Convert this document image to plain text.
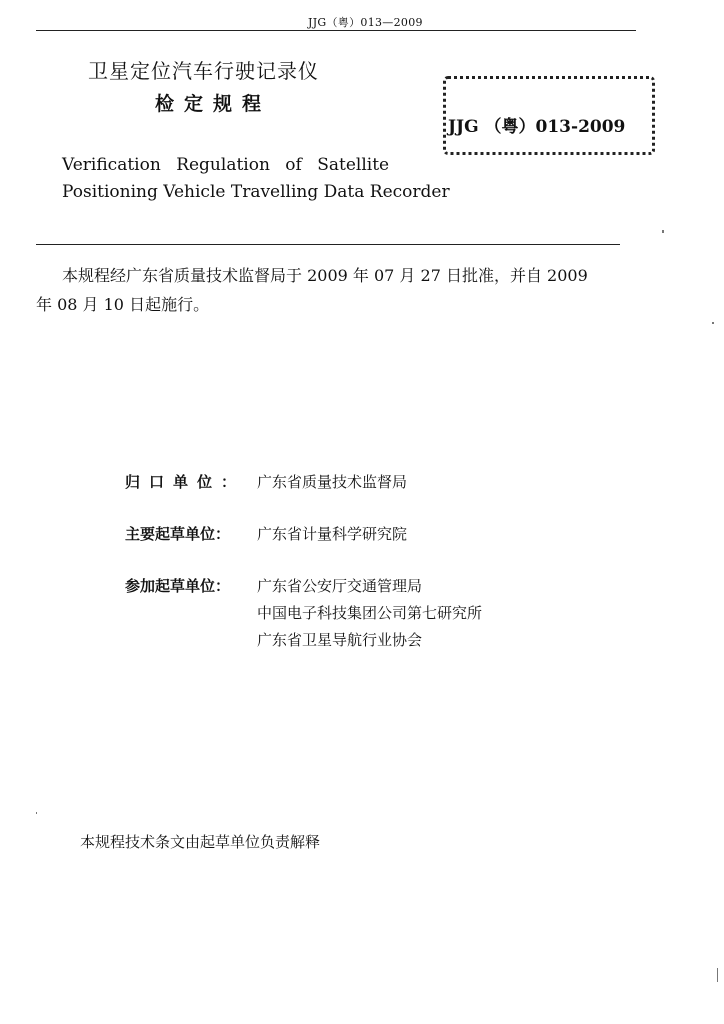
JJG（粤）013—2009
卫星定位汽车行驶记录仪
检定规程
JJG （粤）013-2009
Verification Regulation of Satellite
Positioning Vehicle Travelling Data Recorder
本规程经广东省质量技术监督局于 2009 年 07 月 27 日批准，并自 2009
年 08 月 10 日起施行。
归口单位： 广东省质量技术监督局
主要起草单位： 广东省计量科学研究院
参加起草单位： 广东省公安厅交通管理局
中国电子科技集团公司第七研究所
广东省卫星导航行业协会
本规程技术条文由起草单位负责解释
